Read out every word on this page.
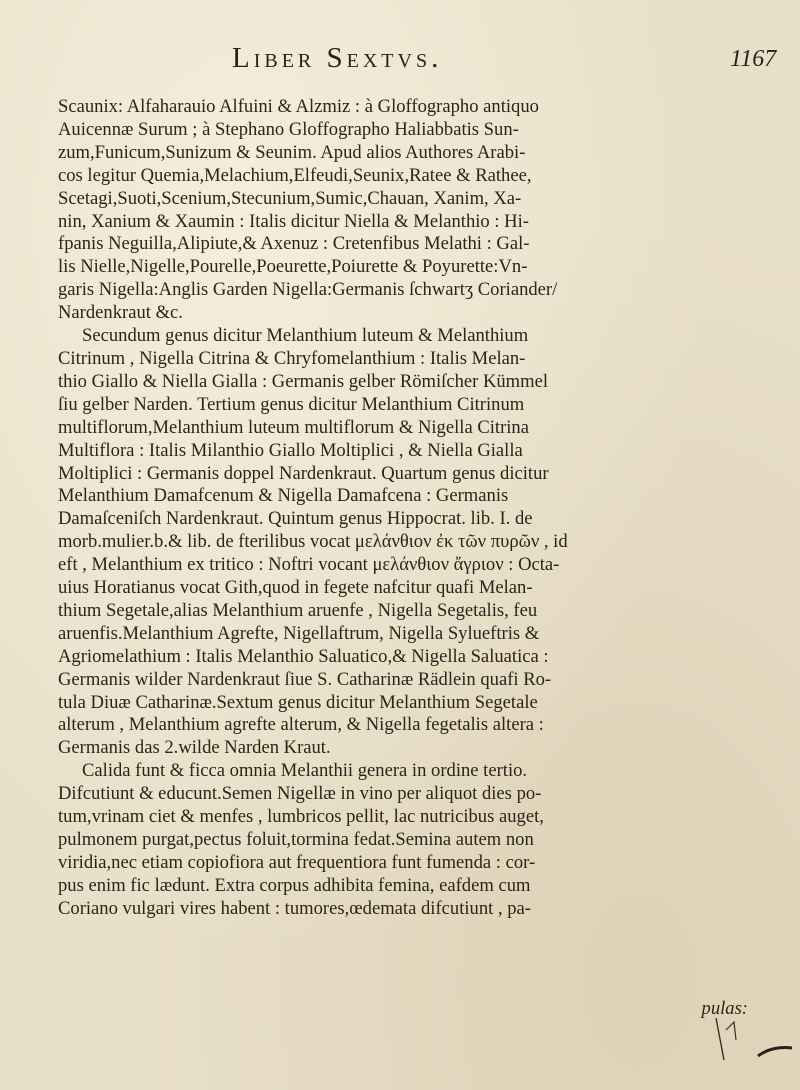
Liber Sextvs.	1167
Scaunix: Alfaharauio Alfuini & Alzmiz : à Gloffographo antiquo
Auicennæ Surum ; à Stephano Gloffographo Haliabbatis Sun-
zum,Funicum,Sunizum & Seunim. Apud alios Authores Arabi-
cos legitur Quemia,Melachium,Elfeudi,Seunix,Ratee & Rathee,
Scetagi,Suoti,Scenium,Stecunium,Sumic,Chauan, Xanim, Xa-
nin, Xanium & Xaumin : Italis dicitur Niella & Melanthio : Hi-
fpanis Neguilla,Alipiute,& Axenuz : Cretenfibus Melathi : Gal-
lis Nielle,Nigelle,Pourelle,Poeurette,Poiurette & Poyurette:Vn-
garis Nigella:Anglis Garden Nigella:Germanis ſchwartʒ Coriander/
Nardenkraut &c.
Secundum genus dicitur Melanthium luteum & Melanthium
Citrinum , Nigella Citrina & Chryfomelanthium : Italis Melan-
thio Giallo & Niella Gialla : Germanis gelber Römiſcher Kümmel
ſiu gelber Narden. Tertium genus dicitur Melanthium Citrinum
multiflorum,Melanthium luteum multiflorum & Nigella Citrina
Multiflora : Italis Milanthio Giallo Moltiplici , & Niella Gialla
Moltiplici : Germanis doppel Nardenkraut. Quartum genus dicitur
Melanthium Damafcenum & Nigella Damafcena : Germanis
Damaſceniſch Nardenkraut. Quintum genus Hippocrat. lib. I. de
morb.mulier.b.& lib. de fterilibus vocat μελάνθιον ἐκ τῶν πυρῶν , id
eft , Melanthium ex tritico : Noftri vocant μελάνθιον ἄγριον : Octa-
uius Horatianus vocat Gith,quod in fegete nafcitur quafi Melan-
thium Segetale,alias Melanthium aruenfe , Nigella Segetalis, feu
aruenfis.Melanthium Agrefte, Nigellaftrum, Nigella Sylueftris &
Agriomelathium : Italis Melanthio Saluatico,& Nigella Saluatica :
Germanis wilder Nardenkraut ſiue S. Catharinæ Rädlein quafi Ro-
tula Diuæ Catharinæ.Sextum genus dicitur Melanthium Segetale
alterum , Melanthium agrefte alterum, & Nigella fegetalis altera :
Germanis das 2.wilde Narden Kraut.
Calida funt & ficca omnia Melanthii genera in ordine tertio.
Difcutiunt & educunt.Semen Nigellæ in vino per aliquot dies po-
tum,vrinam ciet & menfes , lumbricos pellit, lac nutricibus auget,
pulmonem purgat,pectus foluit,tormina fedat.Semina autem non
viridia,nec etiam copiofiora aut frequentiora funt fumenda : cor-
pus enim fic lædunt. Extra corpus adhibita femina, eafdem cum
Coriano vulgari vires habent : tumores,œdemata difcutiunt , pa-
pulas:
